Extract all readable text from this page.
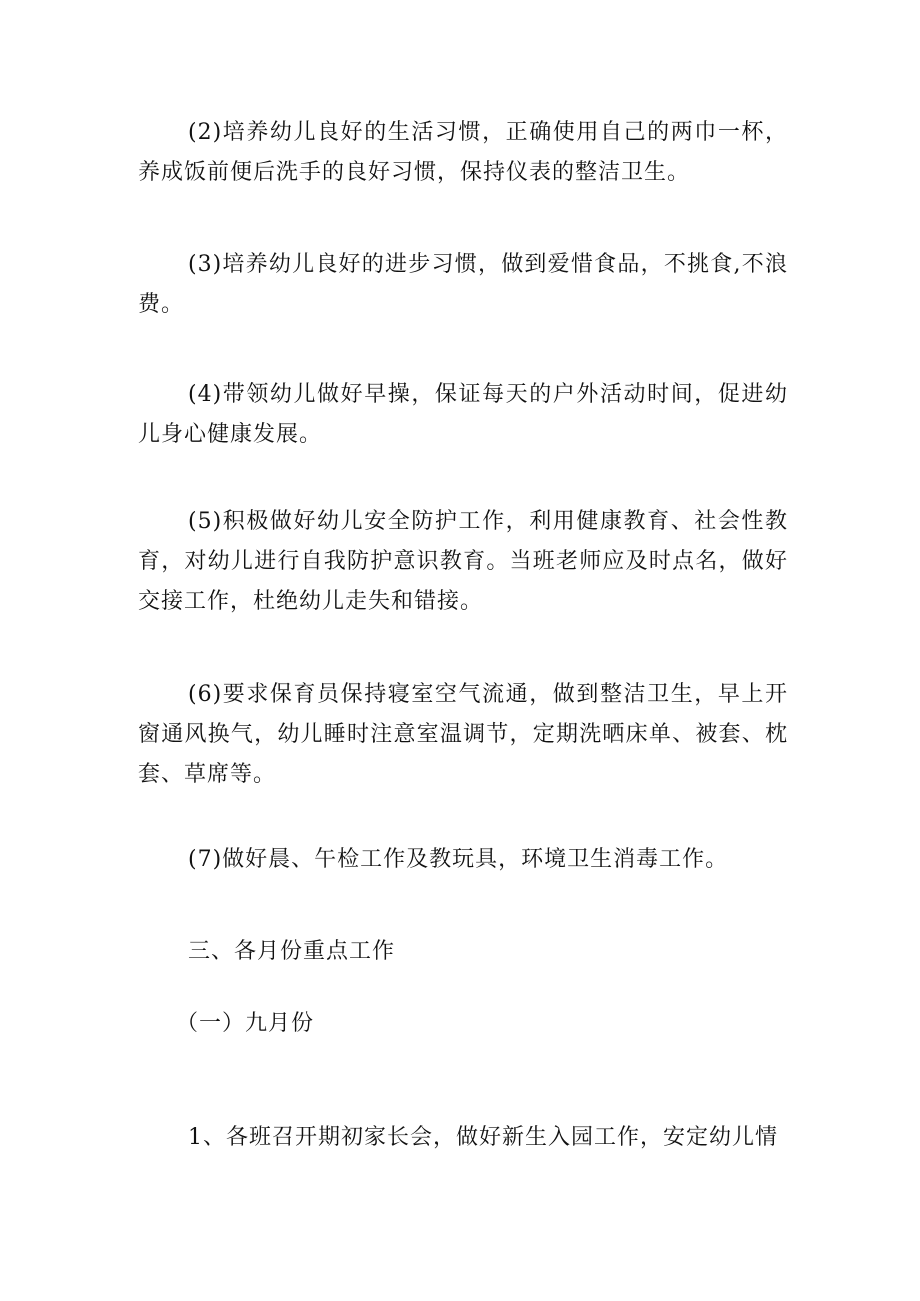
(2)培养幼儿良好的生活习惯，正确使用自己的两巾一杯，养成饭前便后洗手的良好习惯，保持仪表的整洁卫生。

(3)培养幼儿良好的进步习惯，做到爱惜食品，不挑食,不浪费。

(4)带领幼儿做好早操，保证每天的户外活动时间，促进幼儿身心健康发展。

(5)积极做好幼儿安全防护工作，利用健康教育、社会性教育，对幼儿进行自我防护意识教育。当班老师应及时点名，做好交接工作，杜绝幼儿走失和错接。

(6)要求保育员保持寝室空气流通，做到整洁卫生，早上开窗通风换气，幼儿睡时注意室温调节，定期洗晒床单、被套、枕套、草席等。

(7)做好晨、午检工作及教玩具，环境卫生消毒工作。

三、各月份重点工作

（一）九月份

1、各班召开期初家长会，做好新生入园工作，安定幼儿情
